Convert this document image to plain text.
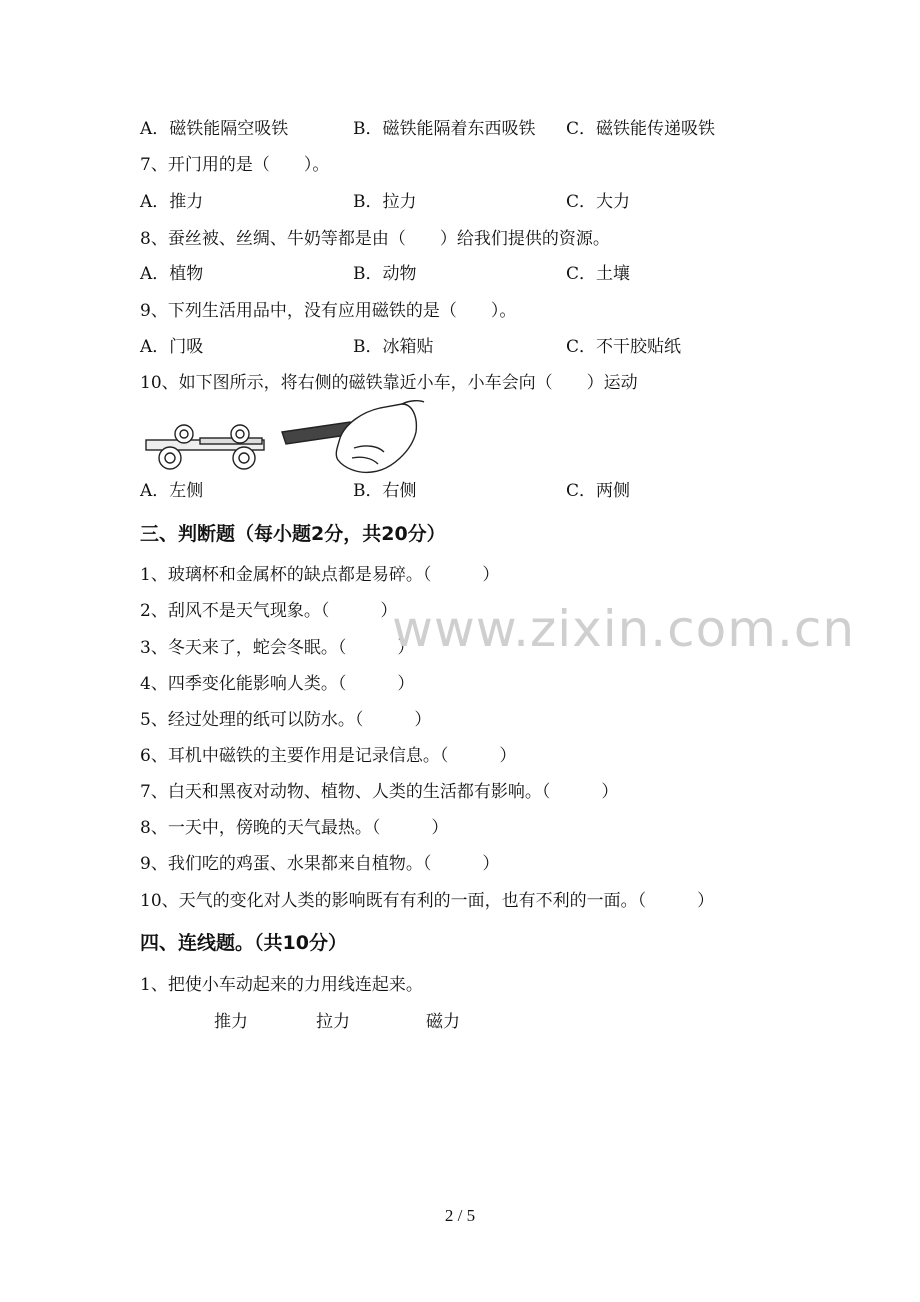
A．磁铁能隔空吸铁	B．磁铁能隔着东西吸铁 C．磁铁能传递吸铁
7、开门用的是（　　）。
A．推力	B．拉力	C．大力
8、蚕丝被、丝绸、牛奶等都是由（　　）给我们提供的资源。
A．植物	B．动物	C．土壤
9、下列生活用品中，没有应用磁铁的是（　　）。
A．门吸	B．冰箱贴	C．不干胶贴纸
10、如下图所示，将右侧的磁铁靠近小车，小车会向（　　）运动
A．左侧	B．右侧	C．两侧
三、判断题（每小题2分，共20分）
1、玻璃杯和金属杯的缺点都是易碎。（　　　）
2、刮风不是天气现象。（　　　）
3、冬天来了，蛇会冬眠。（　　　）
4、四季变化能影响人类。（　　　）
5、经过处理的纸可以防水。（　　　）
6、耳机中磁铁的主要作用是记录信息。（　　　）
7、白天和黑夜对动物、植物、人类的生活都有影响。（　　　）
8、一天中，傍晚的天气最热。（　　　）
9、我们吃的鸡蛋、水果都来自植物。（　　　）
10、天气的变化对人类的影响既有有利的一面，也有不利的一面。（　　　）
四、连线题。（共10分）
1、把使小车动起来的力用线连起来。
推力	拉力	磁力
www.zixin.com.cn
2 / 5
